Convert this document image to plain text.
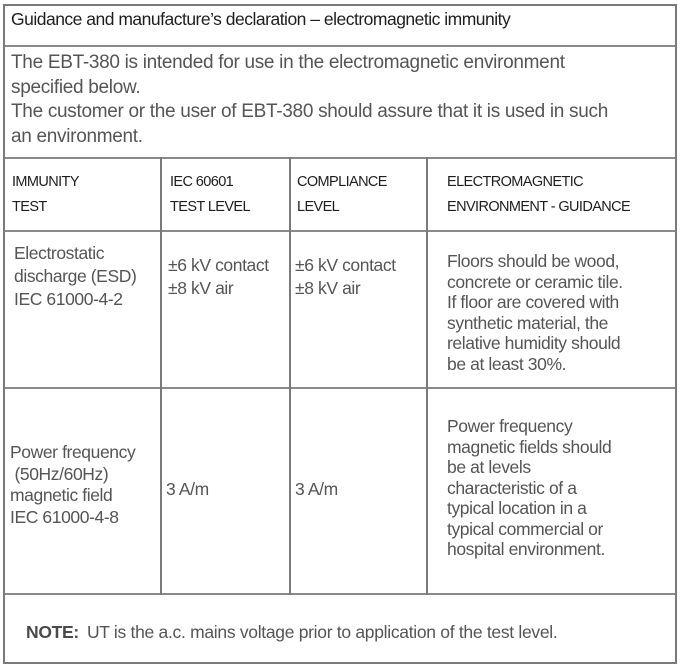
Guidance and manufacture’s declaration – electromagnetic immunity
The EBT-380 is intended for use in the electromagnetic environment
specified below.
The customer or the user of EBT-380 should assure that it is used in such
an environment.
IMMUNITY
TEST
IEC 60601
TEST LEVEL
COMPLIANCE
LEVEL
ELECTROMAGNETIC
ENVIRONMENT - GUIDANCE
Electrostatic
discharge (ESD)
IEC 61000-4-2
±6 kV contact
±8 kV air
±6 kV contact
±8 kV air
Floors should be wood,
concrete or ceramic tile.
If floor are covered with
synthetic material, the
relative humidity should
be at least 30%.
Power frequency
(50Hz/60Hz)
magnetic field
IEC 61000-4-8
3 A/m	3 A/m
Power frequency
magnetic fields should
be at levels
characteristic of a
typical location in a
typical commercial or
hospital environment.
NOTE: UT is the a.c. mains voltage prior to application of the test level.
